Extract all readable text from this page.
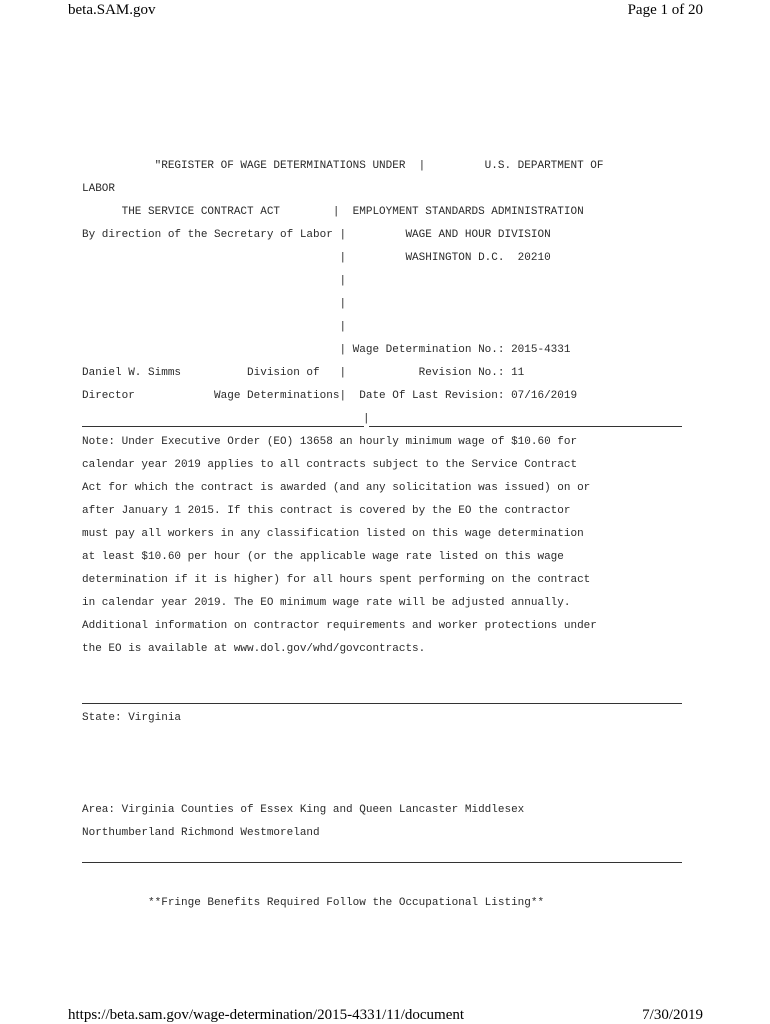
beta.SAM.gov	Page 1 of 20
"REGISTER OF WAGE DETERMINATIONS UNDER  |         U.S. DEPARTMENT OF
LABOR
THE SERVICE CONTRACT ACT        |  EMPLOYMENT STANDARDS ADMINISTRATION
By direction of the Secretary of Labor |         WAGE AND HOUR DIVISION
|         WASHINGTON D.C.  20210
|
|
|
| Wage Determination No.: 2015-4331
Daniel W. Simms          Division of   |           Revision No.: 11
Director            Wage Determinations|  Date Of Last Revision: 07/16/2019
|
Note: Under Executive Order (EO) 13658 an hourly minimum wage of $10.60 for
calendar year 2019 applies to all contracts subject to the Service Contract
Act for which the contract is awarded (and any solicitation was issued) on or
after January 1 2015. If this contract is covered by the EO the contractor
must pay all workers in any classification listed on this wage determination
at least $10.60 per hour (or the applicable wage rate listed on this wage
determination if it is higher) for all hours spent performing on the contract
in calendar year 2019. The EO minimum wage rate will be adjusted annually.
Additional information on contractor requirements and worker protections under
the EO is available at www.dol.gov/whd/govcontracts.
State: Virginia
Area: Virginia Counties of Essex King and Queen Lancaster Middlesex
Northumberland Richmond Westmoreland
**Fringe Benefits Required Follow the Occupational Listing**
https://beta.sam.gov/wage-determination/2015-4331/11/document	7/30/2019
